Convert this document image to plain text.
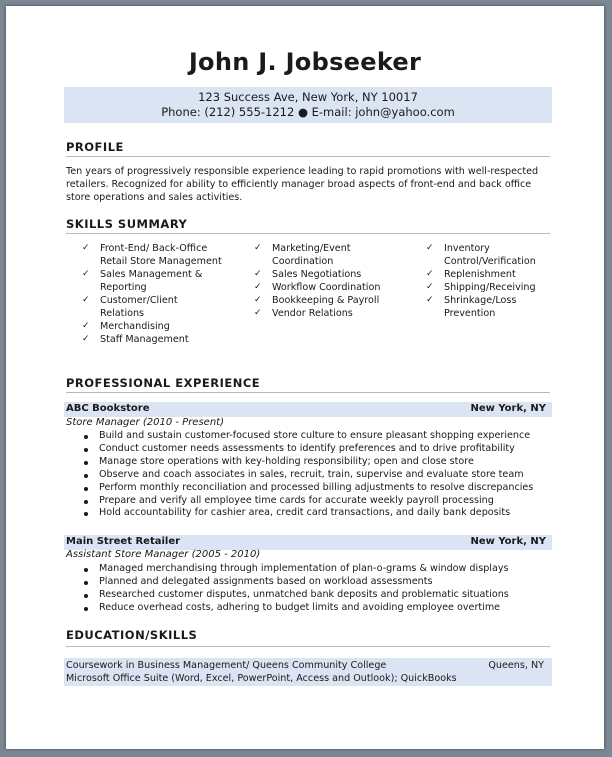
John J. Jobseeker
123 Success Ave, New York, NY 10017
Phone: (212) 555-1212 ● E-mail: john@yahoo.com
PROFILE
Ten years of progressively responsible experience leading to rapid promotions with well-respected retailers. Recognized for ability to efficiently manager broad aspects of front-end and back office store operations and sales activities.
SKILLS SUMMARY
✓ Front-End/ Back-Office Retail Store Management
✓ Sales Management & Reporting
✓ Customer/Client Relations
✓ Merchandising
✓ Staff Management
✓ Marketing/Event Coordination
✓ Sales Negotiations
✓ Workflow Coordination
✓ Bookkeeping & Payroll
✓ Vendor Relations
✓ Inventory Control/Verification
✓ Replenishment
✓ Shipping/Receiving
✓ Shrinkage/Loss Prevention
PROFESSIONAL EXPERIENCE
ABC Bookstore	New York, NY
Store Manager (2010 - Present)
Build and sustain customer-focused store culture to ensure pleasant shopping experience
Conduct customer needs assessments to identify preferences and to drive profitability
Manage store operations with key-holding responsibility; open and close store
Observe and coach associates in sales, recruit, train, supervise and evaluate store team
Perform monthly reconciliation and processed billing adjustments to resolve discrepancies
Prepare and verify all employee time cards for accurate weekly payroll processing
Hold accountability for cashier area, credit card transactions, and daily bank deposits
Main Street Retailer	New York, NY
Assistant Store Manager (2005 - 2010)
Managed merchandising through implementation of plan-o-grams & window displays
Planned and delegated assignments based on workload assessments
Researched customer disputes, unmatched bank deposits and problematic situations
Reduce overhead costs, adhering to budget limits and avoiding employee overtime
EDUCATION/SKILLS
Coursework in Business Management/ Queens Community College	Queens, NY
Microsoft Office Suite (Word, Excel, PowerPoint, Access and Outlook); QuickBooks
